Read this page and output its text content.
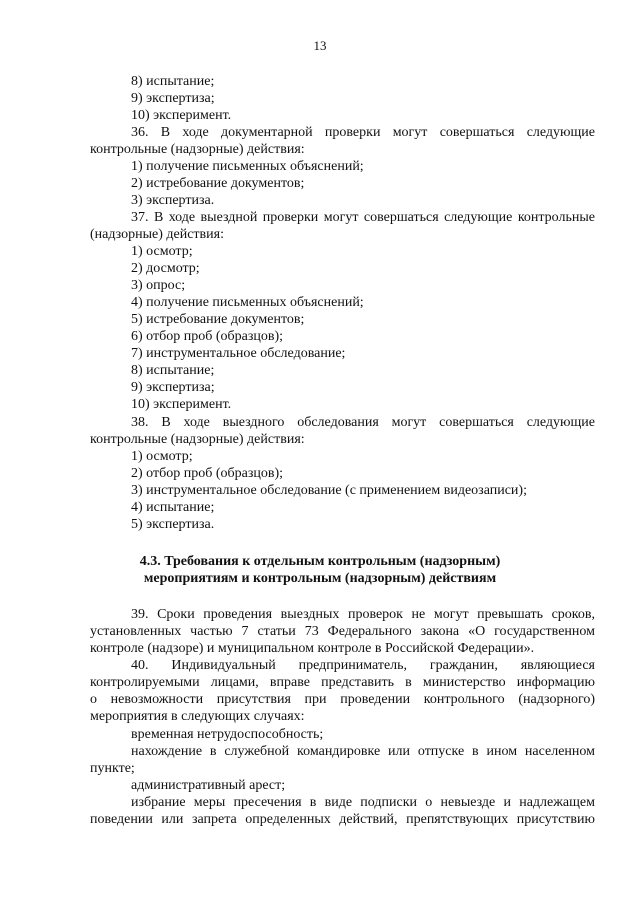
13
8) испытание;
9) экспертиза;
10) эксперимент.
36. В ходе документарной проверки могут совершаться следующие
контрольные (надзорные) действия:
1) получение письменных объяснений;
2) истребование документов;
3) экспертиза.
37. В ходе выездной проверки могут совершаться следующие контрольные
(надзорные) действия:
1) осмотр;
2) досмотр;
3) опрос;
4) получение письменных объяснений;
5) истребование документов;
6) отбор проб (образцов);
7) инструментальное обследование;
8) испытание;
9) экспертиза;
10) эксперимент.
38. В ходе выездного обследования могут совершаться следующие
контрольные (надзорные) действия:
1) осмотр;
2) отбор проб (образцов);
3) инструментальное обследование (с применением видеозаписи);
4) испытание;
5) экспертиза.
4.3. Требования к отдельным контрольным (надзорным)
мероприятиям и контрольным (надзорным) действиям
39. Сроки проведения выездных проверок не могут превышать сроков,
установленных частью 7 статьи 73 Федерального закона «О государственном
контроле (надзоре) и муниципальном контроле в Российской Федерации».
40. Индивидуальный предприниматель, гражданин, являющиеся
контролируемыми лицами, вправе представить в министерство информацию
о невозможности присутствия при проведении контрольного (надзорного)
мероприятия в следующих случаях:
временная нетрудоспособность;
нахождение в служебной командировке или отпуске в ином населенном
пункте;
административный арест;
избрание меры пресечения в виде подписки о невыезде и надлежащем
поведении или запрета определенных действий, препятствующих присутствию
